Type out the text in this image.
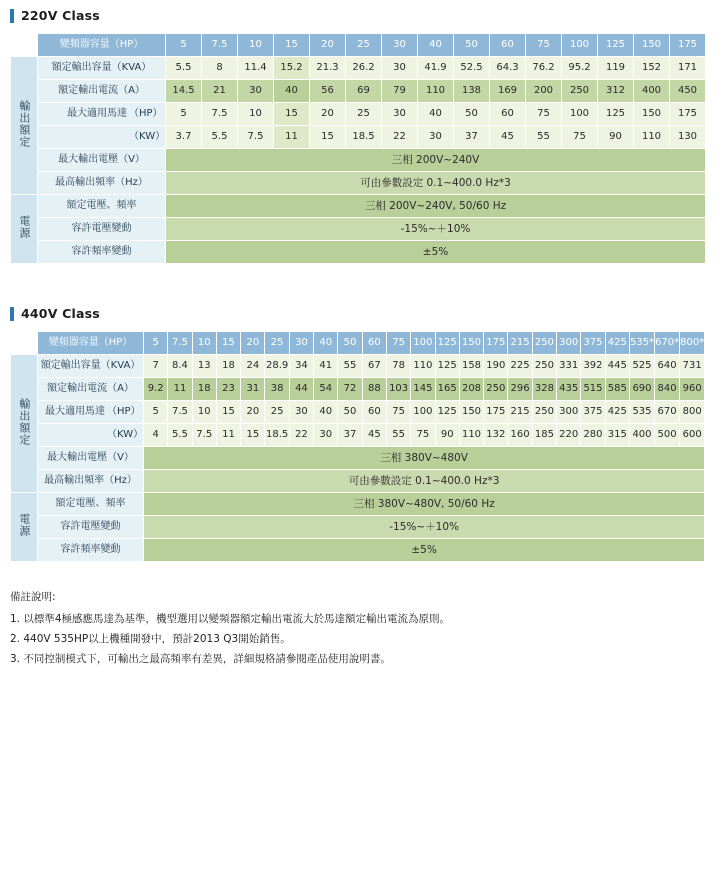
220V Class
	變頻器容量（HP）	5	7.5	10	15	20	25	30	40	50	60	75	100	125	150	175
輸出額定	額定輸出容量（KVA）	5.5	8	11.4	15.2	21.3	26.2	30	41.9	52.5	64.3	76.2	95.2	119	152	171
	額定輸出電流（A）	14.5	21	30	40	56	69	79	110	138	169	200	250	312	400	450

	最大適用馬達 （HP）	5	7.5	10	15	20	25	30	40	50	60	75	100	125	150	175

	（KW）	3.7	5.5	7.5	11	15	18.5	22	30	37	45	55	75	90	110	130
	最大輸出電壓（V）	三相 200V~240V														
	最高輸出頻率（Hz）	可由參數設定 0.1~400.0 Hz*3														
電源	額定電壓、頻率	三相 200V~240V, 50/60 Hz														
	容許電壓變動	-15%~＋10%														
	容許頻率變動	±5%														
440V Class
	變頻器容量（HP）	5	7.5	10	15	20	25	30	40	50	60	75	100	125	150	175	215	250	300	375	425	535*	670*	800*
輸出額定	額定輸出容量（KVA）	7	8.4	13	18	24	28.9	34	41	55	67	78	110	125	158	190	225	250	331	392	445	525	640	731
	額定輸出電流（A）	9.2	11	18	23	31	38	44	54	72	88	103	145	165	208	250	296	328	435	515	585	690	840	960

	最大適用馬達 （HP）	5	7.5	10	15	20	25	30	40	50	60	75	100	125	150	175	215	250	300	375	425	535	670	800

	（KW）	4	5.5	7.5	11	15	18.5	22	30	37	45	55	75	90	110	132	160	185	220	280	315	400	500	600
	最大輸出電壓（V）	三相 380V~480V																						
	最高輸出頻率（Hz）	可由參數設定 0.1~400.0 Hz*3																						
電源	額定電壓、頻率	三相 380V~480V, 50/60 Hz																						
	容許電壓變動	-15%~＋10%																						
	容許頻率變動	±5%																						
備註說明:
1. 以標準4極感應馬達為基準，機型選用以變頻器額定輸出電流大於馬達額定輸出電流為原則。
2. 440V 535HP以上機種開發中，預計2013 Q3開始銷售。
3. 不同控制模式下，可輸出之最高頻率有差異，詳細規格請參閱產品使用說明書。
